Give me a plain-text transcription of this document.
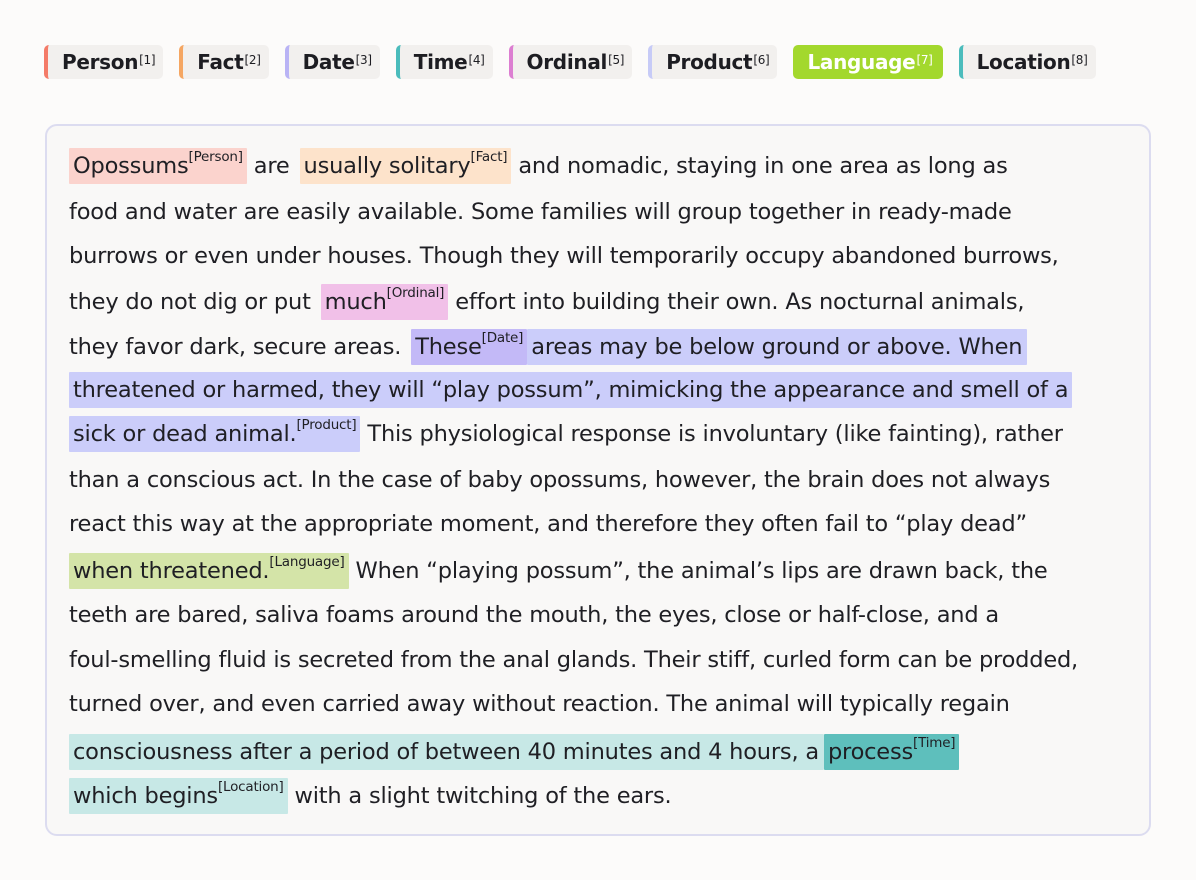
Person[1] Fact[2] Date[3] Time[4] Ordinal[5] Product[6] Language[7] Location[8]
Opossums[Person] are usually solitary[Fact] and nomadic, staying in one area as long as
food and water are easily available. Some families will group together in ready-made
burrows or even under houses. Though they will temporarily occupy abandoned burrows,
they do not dig or put much[Ordinal] effort into building their own. As nocturnal animals,
they favor dark, secure areas. These[Date] areas may be below ground or above. When
threatened or harmed, they will “play possum”, mimicking the appearance and smell of a
sick or dead animal.[Product] This physiological response is involuntary (like fainting), rather
than a conscious act. In the case of baby opossums, however, the brain does not always
react this way at the appropriate moment, and therefore they often fail to “play dead”
when threatened.[Language] When “playing possum”, the animal’s lips are drawn back, the
teeth are bared, saliva foams around the mouth, the eyes, close or half-close, and a
foul-smelling fluid is secreted from the anal glands. Their stiff, curled form can be prodded,
turned over, and even carried away without reaction. The animal will typically regain
consciousness after a period of between 40 minutes and 4 hours, a process[Time]
which begins[Location] with a slight twitching of the ears.
